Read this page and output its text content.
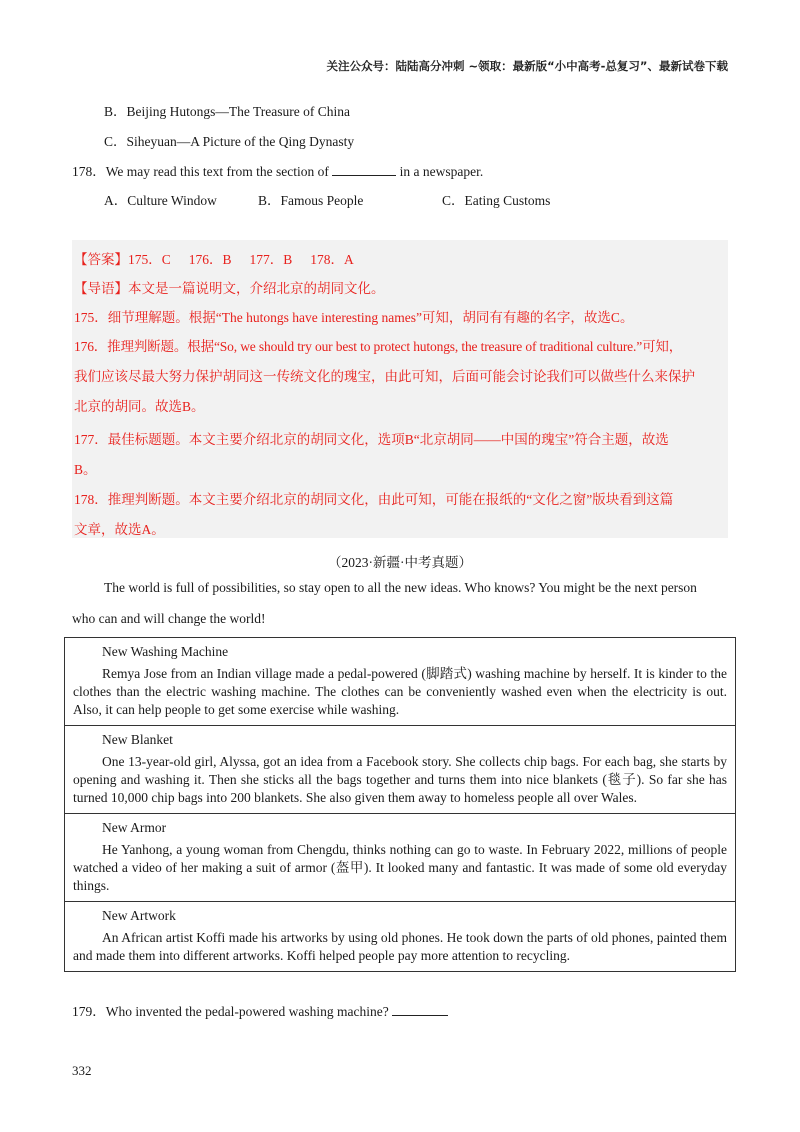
关注公众号：陆陆高分冲刺 ~领取：最新版“小中高考-总复习”、最新试卷下载
B．Beijing Hutongs—The Treasure of China
C．Siheyuan—A Picture of the Qing Dynasty
178．We may read this text from the section of	in a newspaper.
A．Culture Window	B．Famous People	C．Eating Customs
【答案】175．C 176．B 177．B 178．A
【导语】本文是一篇说明文，介绍北京的胡同文化。
175．细节理解题。根据“The hutongs have interesting names”可知，胡同有有趣的名字，故选C。
176．推理判断题。根据“So, we should try our best to protect hutongs, the treasure of traditional culture.”可知，
我们应该尽最大努力保护胡同这一传统文化的瑰宝，由此可知，后面可能会讨论我们可以做些什么来保护
北京的胡同。故选B。
177．最佳标题题。本文主要介绍北京的胡同文化，选项B“北京胡同——中国的瑰宝”符合主题，故选
B。
178．推理判断题。本文主要介绍北京的胡同文化，由此可知，可能在报纸的“文化之窗”版块看到这篇
文章，故选A。
（2023·新疆·中考真题）
The world is full of possibilities, so stay open to all the new ideas. Who knows? You might be the next person
who can and will change the world!
New Washing Machine
Remya Jose from an Indian village made a pedal-powered (脚踏式) washing machine by herself. It is kinder to the clothes than the electric washing machine. The clothes can be conveniently washed even when the electricity is out. Also, it can help people to get some exercise while washing.

New Blanket
One 13-year-old girl, Alyssa, got an idea from a Facebook story. She collects chip bags. For each bag, she starts by opening and washing it. Then she sticks all the bags together and turns them into nice blankets (毯子). So far she has turned 10,000 chip bags into 200 blankets. She also given them away to homeless people all over Wales.

New Armor
He Yanhong, a young woman from Chengdu, thinks nothing can go to waste. In February 2022, millions of people watched a video of her making a suit of armor (盔甲). It looked many and fantastic. It was made of some old everyday things.

New Artwork
An African artist Koffi made his artworks by using old phones. He took down the parts of old phones, painted them and made them into different artworks. Koffi helped people pay more attention to recycling.
179．Who invented the pedal-powered washing machine?
332
